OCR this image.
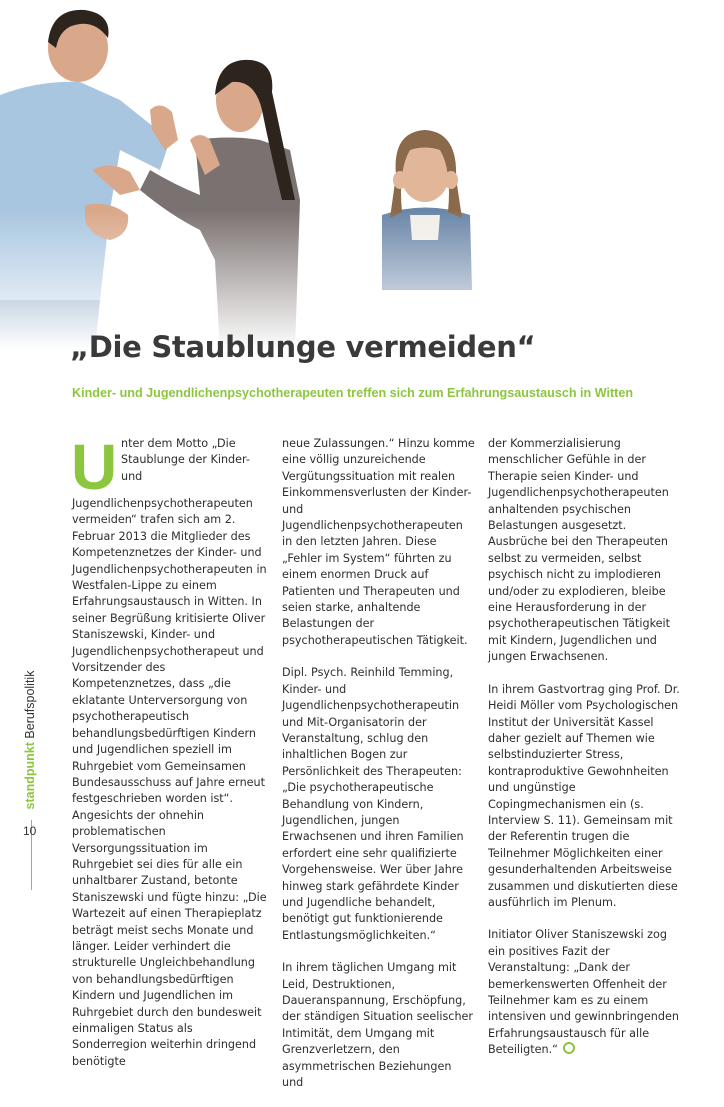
„Die Staublunge vermeiden“

Kinder- und Jugendlichenpsychotherapeuten treffen sich zum Erfahrungsaustausch in Witten

Unter dem Motto „Die Staublunge der Kinder- und Jugendlichenpsychotherapeuten vermeiden“ trafen sich am 2. Februar 2013 die Mitglieder des Kompetenznetzes der Kinder- und Jugendlichenpsychotherapeuten in Westfalen-Lippe zu einem Erfahrungsaustausch in Witten. In seiner Begrüßung kritisierte Oliver Staniszewski, Kinder- und Jugendlichenpsychotherapeut und Vorsitzender des Kompetenznetzes, dass „die eklatante Unterversorgung von psychotherapeutisch behandlungsbedürftigen Kindern und Jugendlichen speziell im Ruhrgebiet vom Gemeinsamen Bundesausschuss auf Jahre erneut festgeschrieben worden ist“. Angesichts der ohnehin problematischen Versorgungssituation im Ruhrgebiet sei dies für alle ein unhaltbarer Zustand, betonte Staniszewski und fügte hinzu: „Die Wartezeit auf einen Therapieplatz beträgt meist sechs Monate und länger. Leider verhindert die strukturelle Ungleichbehandlung von behandlungsbedürftigen Kindern und Jugendlichen im Ruhrgebiet durch den bundesweit einmaligen Status als Sonderregion weiterhin dringend benötigte

neue Zulassungen.“ Hinzu komme eine völlig unzureichende Vergütungssituation mit realen Einkommensverlusten der Kinder- und Jugendlichenpsychotherapeuten in den letzten Jahren. Diese „Fehler im System“ führten zu einem enormen Druck auf Patienten und Therapeuten und seien starke, anhaltende Belastungen der psychotherapeutischen Tätigkeit.

Dipl. Psych. Reinhild Temming, Kinder- und Jugendlichenpsychotherapeutin und Mit-Organisatorin der Veranstaltung, schlug den inhaltlichen Bogen zur Persönlichkeit des Therapeuten: „Die psychotherapeutische Behandlung von Kindern, Jugendlichen, jungen Erwachsenen und ihren Familien erfordert eine sehr qualifizierte Vorgehensweise. Wer über Jahre hinweg stark gefährdete Kinder und Jugendliche behandelt, benötigt gut funktionierende Entlastungsmöglichkeiten.“

In ihrem täglichen Umgang mit Leid, Destruktionen, Daueranspannung, Erschöpfung, der ständigen Situation seelischer Intimität, dem Umgang mit Grenzverletzern, den asymmetrischen Beziehungen und

der Kommerzialisierung menschlicher Gefühle in der Therapie seien Kinder- und Jugendlichenpsychotherapeuten anhaltenden psychischen Belastungen ausgesetzt. Ausbrüche bei den Therapeuten selbst zu vermeiden, selbst psychisch nicht zu implodieren und/oder zu explodieren, bleibe eine Herausforderung in der psychotherapeutischen Tätigkeit mit Kindern, Jugendlichen und jungen Erwachsenen.

In ihrem Gastvortrag ging Prof. Dr. Heidi Möller vom Psychologischen Institut der Universität Kassel daher gezielt auf Themen wie selbstinduzierter Stress, kontraproduktive Gewohnheiten und ungünstige Copingmechanismen ein (s. Interview S. 11). Gemeinsam mit der Referentin trugen die Teilnehmer Möglichkeiten einer gesunderhaltenden Arbeitsweise zusammen und diskutierten diese ausführlich im Plenum.

Initiator Oliver Staniszewski zog ein positives Fazit der Veranstaltung: „Dank der bemerkenswerten Offenheit der Teilnehmer kam es zu einem intensiven und gewinnbringenden Erfahrungsaustausch für alle Beteiligten.“

standpunkt Berufspolitik
10
